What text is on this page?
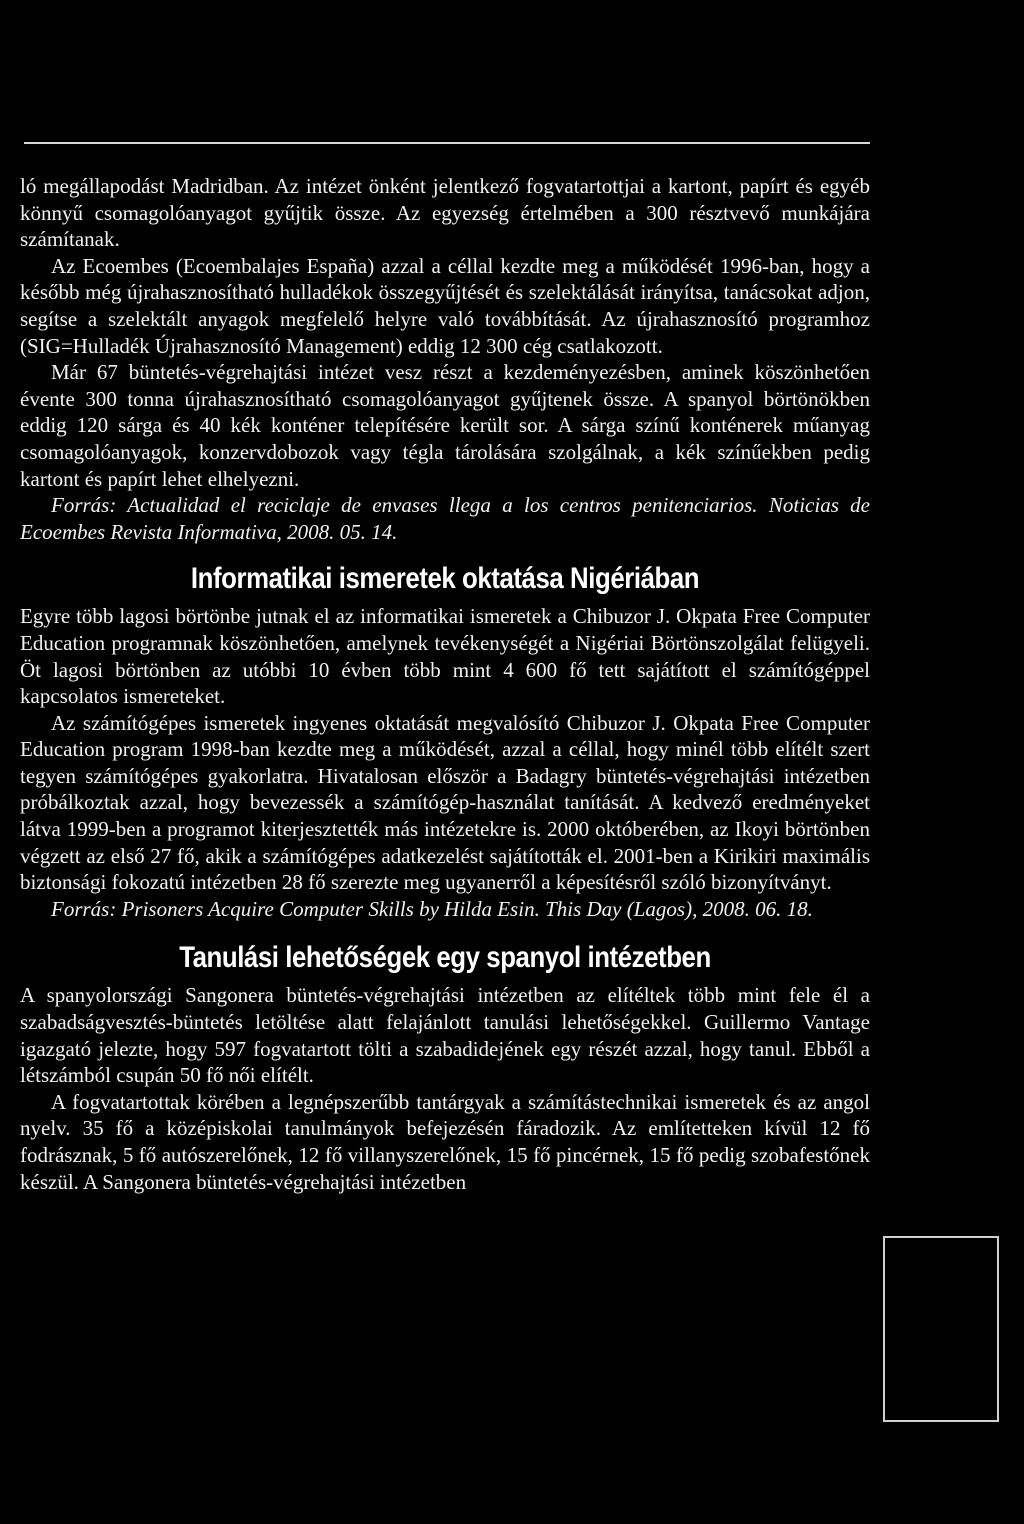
ló megállapodást Madridban. Az intézet önként jelentkező fogvatartottjai a kartont, papírt és egyéb könnyű csomagolóanyagot gyűjtik össze. Az egyezség értelmében a 300 résztvevő munkájára számítanak.

Az Ecoembes (Ecoembalajes España) azzal a céllal kezdte meg a működését 1996-ban, hogy a később még újrahasznosítható hulladékok összegyűjtését és szelektálását irányítsa, tanácsokat adjon, segítse a szelektált anyagok megfelelő helyre való továbbítását. Az újrahasznosító programhoz (SIG=Hulladék Újrahasznosító Management) eddig 12 300 cég csatlakozott.

Már 67 büntetés-végrehajtási intézet vesz részt a kezdeményezésben, aminek köszönhetően évente 300 tonna újrahasznosítható csomagolóanyagot gyűjtenek össze. A spanyol börtönökben eddig 120 sárga és 40 kék konténer telepítésére került sor. A sárga színű konténerek műanyag csomagolóanyagok, konzervdobozok vagy tégla tárolására szolgálnak, a kék színűekben pedig kartont és papírt lehet elhelyezni.

Forrás: Actualidad el reciclaje de envases llega a los centros penitenciarios. Noticias de Ecoembes Revista Informativa, 2008. 05. 14.

Informatikai ismeretek oktatása Nigériában

Egyre több lagosi börtönbe jutnak el az informatikai ismeretek a Chibuzor J. Okpata Free Computer Education programnak köszönhetően, amelynek tevékenységét a Nigériai Börtönszolgálat felügyeli. Öt lagosi börtönben az utóbbi 10 évben több mint 4 600 fő tett sajátított el számítógéppel kapcsolatos ismereteket.

Az számítógépes ismeretek ingyenes oktatását megvalósító Chibuzor J. Okpata Free Computer Education program 1998-ban kezdte meg a működését, azzal a céllal, hogy minél több elítélt szert tegyen számítógépes gyakorlatra. Hivatalosan először a Badagry büntetés-végrehajtási intézetben próbálkoztak azzal, hogy bevezessék a számítógép-használat tanítását. A kedvező eredményeket látva 1999-ben a programot kiterjesztették más intézetekre is. 2000 októberében, az Ikoyi börtönben végzett az első 27 fő, akik a számítógépes adatkezelést sajátították el. 2001-ben a Kirikiri maximális biztonsági fokozatú intézetben 28 fő szerezte meg ugyanerről a képesítésről szóló bizonyítványt.

Forrás: Prisoners Acquire Computer Skills by Hilda Esin. This Day (Lagos), 2008. 06. 18.

Tanulási lehetőségek egy spanyol intézetben

A spanyolországi Sangonera büntetés-végrehajtási intézetben az elítéltek több mint fele él a szabadságvesztés-büntetés letöltése alatt felajánlott tanulási lehetőségekkel. Guillermo Vantage igazgató jelezte, hogy 597 fogvatartott tölti a szabadidejének egy részét azzal, hogy tanul. Ebből a létszámból csupán 50 fő női elítélt.

A fogvatartottak körében a legnépszerűbb tantárgyak a számítástechnikai ismeretek és az angol nyelv. 35 fő a középiskolai tanulmányok befejezésén fáradozik. Az említetteken kívül 12 fő fodrásznak, 5 fő autószerelőnek, 12 fő villanyszerelőnek, 15 fő pincérnek, 15 fő pedig szobafestőnek készül. A Sangonera büntetés-végrehajtási intézetben
